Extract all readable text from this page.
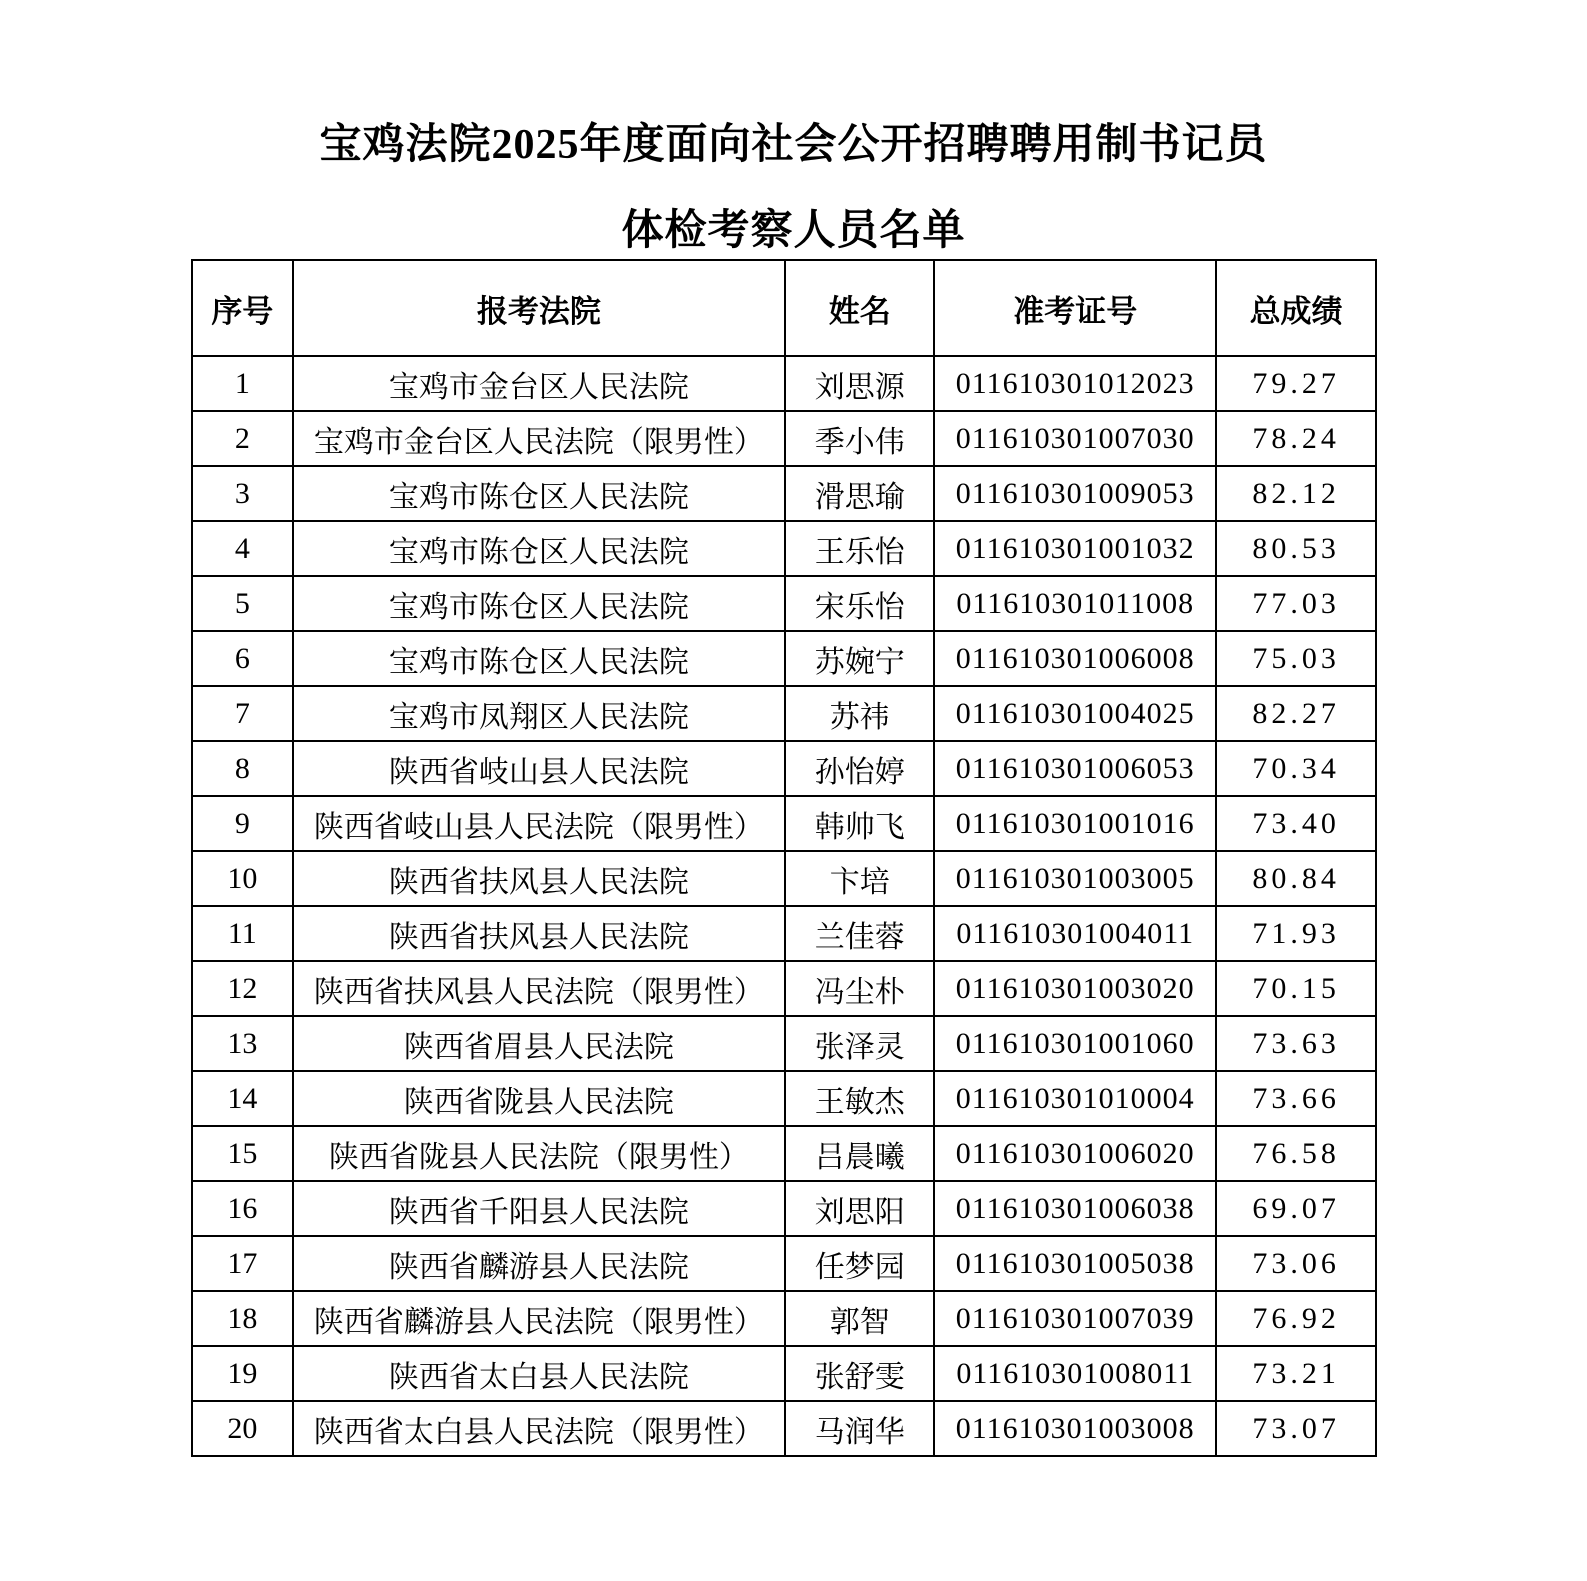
宝鸡法院2025年度面向社会公开招聘聘用制书记员
体检考察人员名单
序号	报考法院	姓名	准考证号	总成绩
1	宝鸡市金台区人民法院	刘思源	011610301012023	79.27
2	宝鸡市金台区人民法院（限男性）	季小伟	011610301007030	78.24
3	宝鸡市陈仓区人民法院	滑思瑜	011610301009053	82.12
4	宝鸡市陈仓区人民法院	王乐怡	011610301001032	80.53
5	宝鸡市陈仓区人民法院	宋乐怡	011610301011008	77.03
6	宝鸡市陈仓区人民法院	苏婉宁	011610301006008	75.03
7	宝鸡市凤翔区人民法院	苏祎	011610301004025	82.27
8	陕西省岐山县人民法院	孙怡婷	011610301006053	70.34
9	陕西省岐山县人民法院（限男性）	韩帅飞	011610301001016	73.40
10	陕西省扶风县人民法院	卞培	011610301003005	80.84
11	陕西省扶风县人民法院	兰佳蓉	011610301004011	71.93
12	陕西省扶风县人民法院（限男性）	冯尘朴	011610301003020	70.15
13	陕西省眉县人民法院	张泽灵	011610301001060	73.63
14	陕西省陇县人民法院	王敏杰	011610301010004	73.66
15	陕西省陇县人民法院（限男性）	吕晨曦	011610301006020	76.58
16	陕西省千阳县人民法院	刘思阳	011610301006038	69.07
17	陕西省麟游县人民法院	任梦园	011610301005038	73.06
18	陕西省麟游县人民法院（限男性）	郭智	011610301007039	76.92
19	陕西省太白县人民法院	张舒雯	011610301008011	73.21
20	陕西省太白县人民法院（限男性）	马润华	011610301003008	73.07
